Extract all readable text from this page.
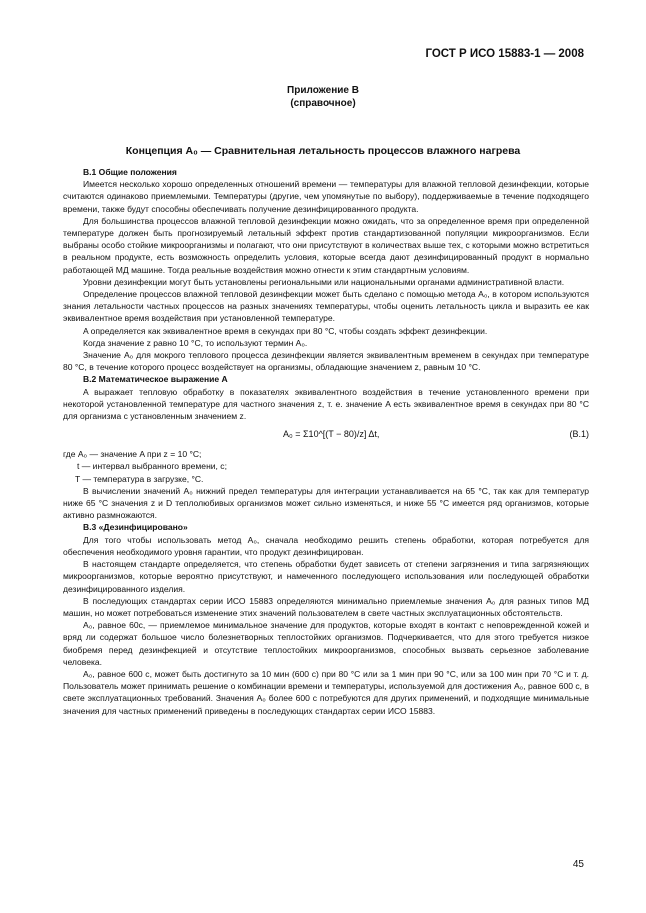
ГОСТ Р ИСО 15883-1 — 2008
Приложение В
(справочное)
Концепция A₀ — Сравнительная летальность процессов влажного нагрева

В.1 Общие положения

Имеется несколько хорошо определенных отношений времени — температуры для влажной тепловой дезинфекции, которые считаются одинаково приемлемыми. Температуры (другие, чем упомянутые по выбору), поддерживаемые в течение подходящего времени, также будут способны обеспечивать получение дезинфицированного продукта.

Для большинства процессов влажной тепловой дезинфекции можно ожидать, что за определенное время при определенной температуре должен быть прогнозируемый летальный эффект против стандартизованной популяции микроорганизмов. Если выбраны особо стойкие микроорганизмы и полагают, что они присутствуют в количествах выше тех, с которыми можно встретиться в реальном продукте, есть возможность определить условия, которые всегда дают дезинфицированный продукт в нормально работающей МД машине. Тогда реальные воздействия можно отнести к этим стандартным условиям.

Уровни дезинфекции могут быть установлены региональными или национальными органами административной власти.

Определение процессов влажной тепловой дезинфекции может быть сделано с помощью метода A₀, в котором используются знания летальности частных процессов на разных значениях температуры, чтобы оценить летальность цикла и выразить ее как эквивалентное время воздействия при установленной температуре.

A определяется как эквивалентное время в секундах при 80 °C, чтобы создать эффект дезинфекции.

Когда значение z равно 10 °C, то используют термин A₀.

Значение A₀ для мокрого теплового процесса дезинфекции является эквивалентным временем в секундах при температуре 80 °C, в течение которого процесс воздействует на организмы, обладающие значением z, равным 10 °C.

В.2 Математическое выражение A

A выражает тепловую обработку в показателях эквивалентного воздействия в течение установленного времени при некоторой установленной температуре для частного значения z, т. е. значение A есть эквивалентное время в секундах при 80 °C для организма с установленным значением z.

A₀ = Σ10^[(T − 80)/z] Δt,	(В.1)

где A₀ — значение A при z = 10 °C;

t — интервал выбранного времени, с;

T — температура в загрузке, °C.

В вычислении значений A₀ нижний предел температуры для интеграции устанавливается на 65 °C, так как для температур ниже 65 °C значения z и D теплолюбивых организмов может сильно изменяться, и ниже 55 °C имеется ряд организмов, которые активно размножаются.

В.3 «Дезинфицировано»

Для того чтобы использовать метод A₀, сначала необходимо решить степень обработки, которая потребуется для обеспечения необходимого уровня гарантии, что продукт дезинфицирован.

В настоящем стандарте определяется, что степень обработки будет зависеть от степени загрязнения и типа загрязняющих микроорганизмов, которые вероятно присутствуют, и намеченного последующего использования или последующей обработки дезинфицированного изделия.

В последующих стандартах серии ИСО 15883 определяются минимально приемлемые значения A₀ для разных типов МД машин, но может потребоваться изменение этих значений пользователем в свете частных эксплуатационных обстоятельств.

A₀, равное 60с, — приемлемое минимальное значение для продуктов, которые входят в контакт с неповрежденной кожей и вряд ли содержат большое число болезнетворных теплостойких организмов. Подчеркивается, что для этого требуется низкое биобремя перед дезинфекцией и отсутствие теплостойких микроорганизмов, способных вызвать серьезное заболевание человека.

A₀, равное 600 с, может быть достигнуто за 10 мин (600 с) при 80 °C или за 1 мин при 90 °C, или за 100 мин при 70 °C и т. д. Пользователь может принимать решение о комбинации времени и температуры, используемой для достижения A₀, равное 600 с, в свете эксплуатационных требований. Значения A₀ более 600 с потребуются для других применений, и подходящие минимальные значения для частных применений приведены в последующих стандартах серии ИСО 15883.

45
